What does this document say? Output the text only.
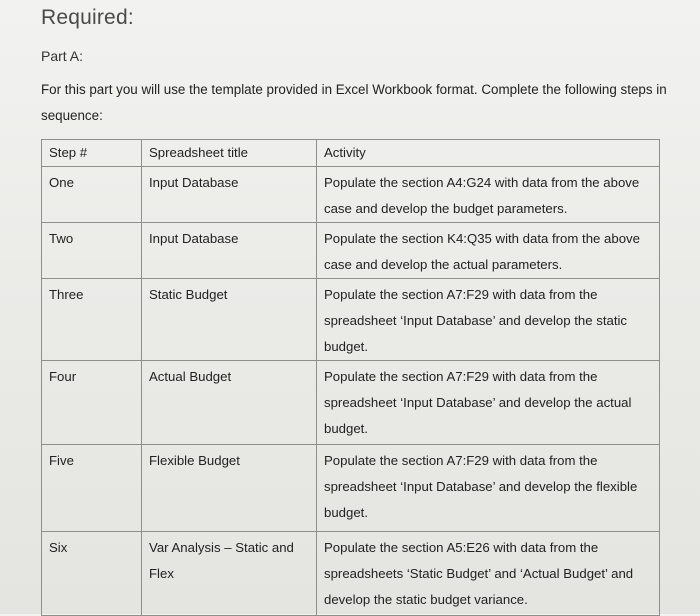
Required:
Part A:
For this part you will use the template provided in Excel Workbook format. Complete the following steps in sequence:
Step #	Spreadsheet title	Activity
One	Input Database	Populate the section A4:G24 with data from the above case and develop the budget parameters.
Two	Input Database	Populate the section K4:Q35 with data from the above case and develop the actual parameters.
Three	Static Budget	Populate the section A7:F29 with data from the spreadsheet ‘Input Database’ and develop the static budget.
Four	Actual Budget	Populate the section A7:F29 with data from the spreadsheet ‘Input Database’ and develop the actual budget.
Five	Flexible Budget	Populate the section A7:F29 with data from the spreadsheet ‘Input Database’ and develop the flexible budget.
Six	Var Analysis – Static and Flex	Populate the section A5:E26 with data from the spreadsheets ‘Static Budget’ and ‘Actual Budget’ and develop the static budget variance.
